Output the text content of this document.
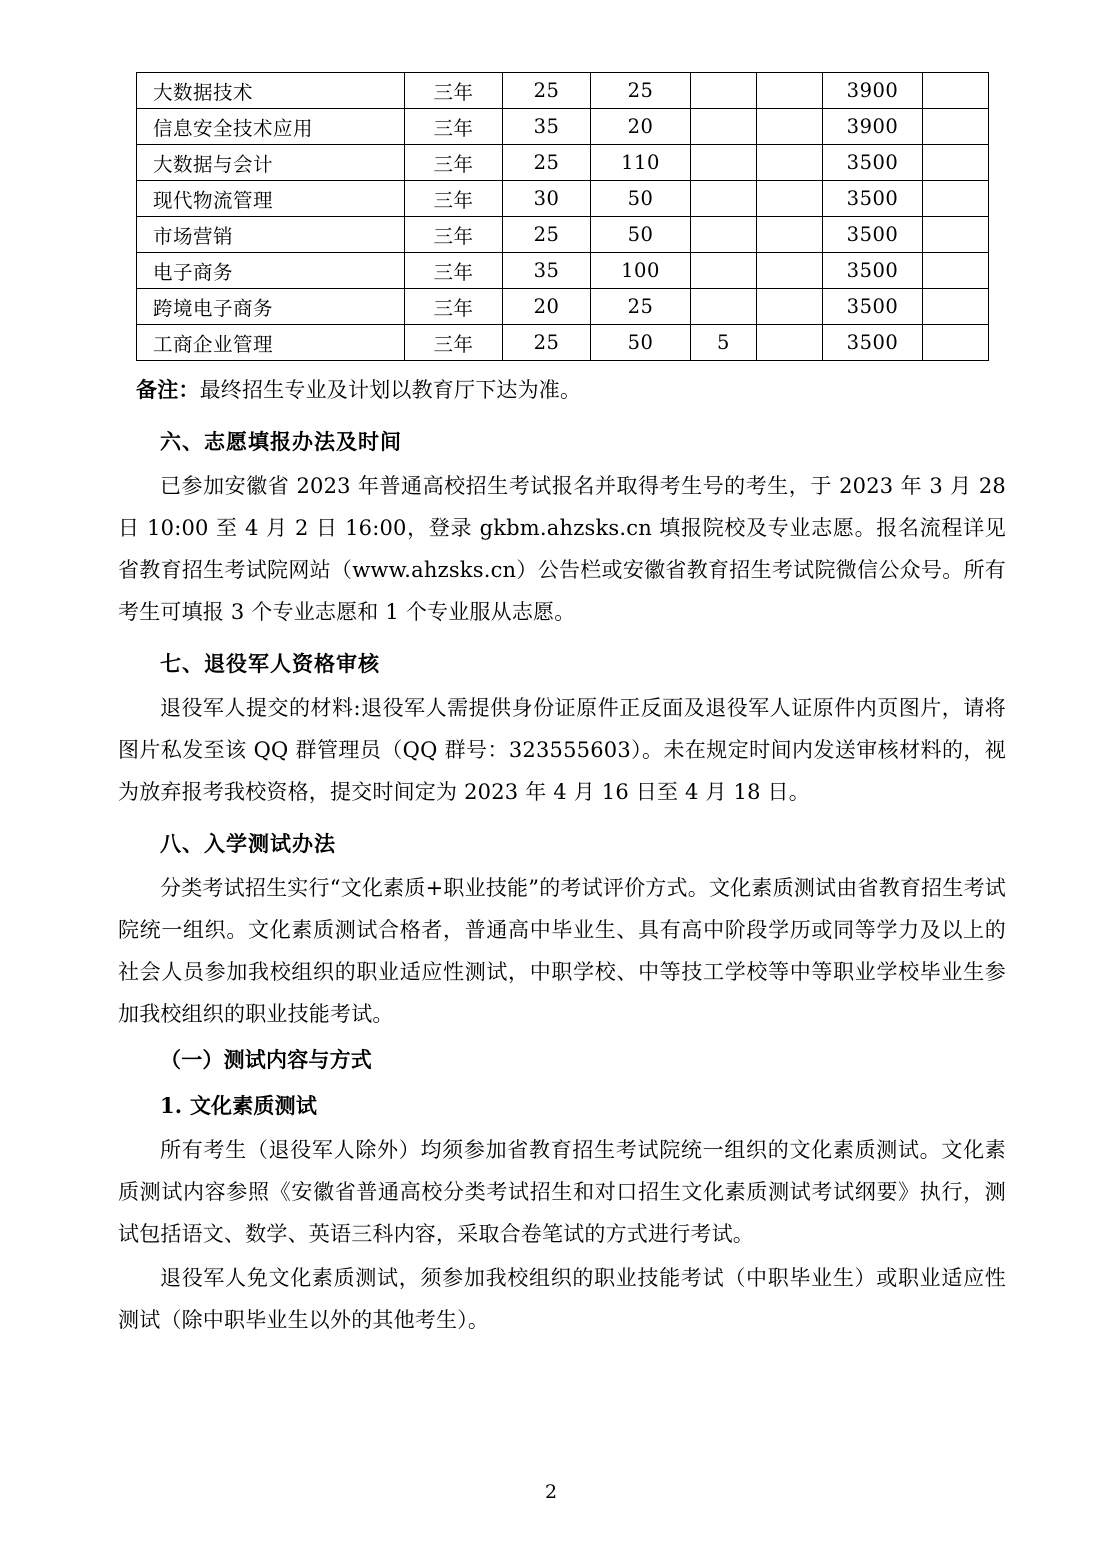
大数据技术	三年	25	25			3900	
信息安全技术应用	三年	35	20			3900	
大数据与会计	三年	25	110			3500	
现代物流管理	三年	30	50			3500	
市场营销	三年	25	50			3500	
电子商务	三年	35	100			3500	
跨境电子商务	三年	20	25			3500	
工商企业管理	三年	25	50	5		3500	

备注：最终招生专业及计划以教育厅下达为准。

六、志愿填报办法及时间

已参加安徽省 2023 年普通高校招生考试报名并取得考生号的考生，于 2023 年 3 月 28 日 10:00 至 4 月 2 日 16:00，登录 gkbm.ahzsks.cn 填报院校及专业志愿。报名流程详见省教育招生考试院网站（www.ahzsks.cn）公告栏或安徽省教育招生考试院微信公众号。所有考生可填报 3 个专业志愿和 1 个专业服从志愿。

七、退役军人资格审核

退役军人提交的材料:退役军人需提供身份证原件正反面及退役军人证原件内页图片，请将图片私发至该 QQ 群管理员（QQ 群号：323555603）。未在规定时间内发送审核材料的，视为放弃报考我校资格，提交时间定为 2023 年 4 月 16 日至 4 月 18 日。

八、入学测试办法

分类考试招生实行“文化素质+职业技能”的考试评价方式。文化素质测试由省教育招生考试院统一组织。文化素质测试合格者，普通高中毕业生、具有高中阶段学历或同等学力及以上的社会人员参加我校组织的职业适应性测试，中职学校、中等技工学校等中等职业学校毕业生参加我校组织的职业技能考试。

（一）测试内容与方式

1. 文化素质测试

所有考生（退役军人除外）均须参加省教育招生考试院统一组织的文化素质测试。文化素质测试内容参照《安徽省普通高校分类考试招生和对口招生文化素质测试考试纲要》执行，测试包括语文、数学、英语三科内容，采取合卷笔试的方式进行考试。

退役军人免文化素质测试，须参加我校组织的职业技能考试（中职毕业生）或职业适应性测试（除中职毕业生以外的其他考生）。

2
